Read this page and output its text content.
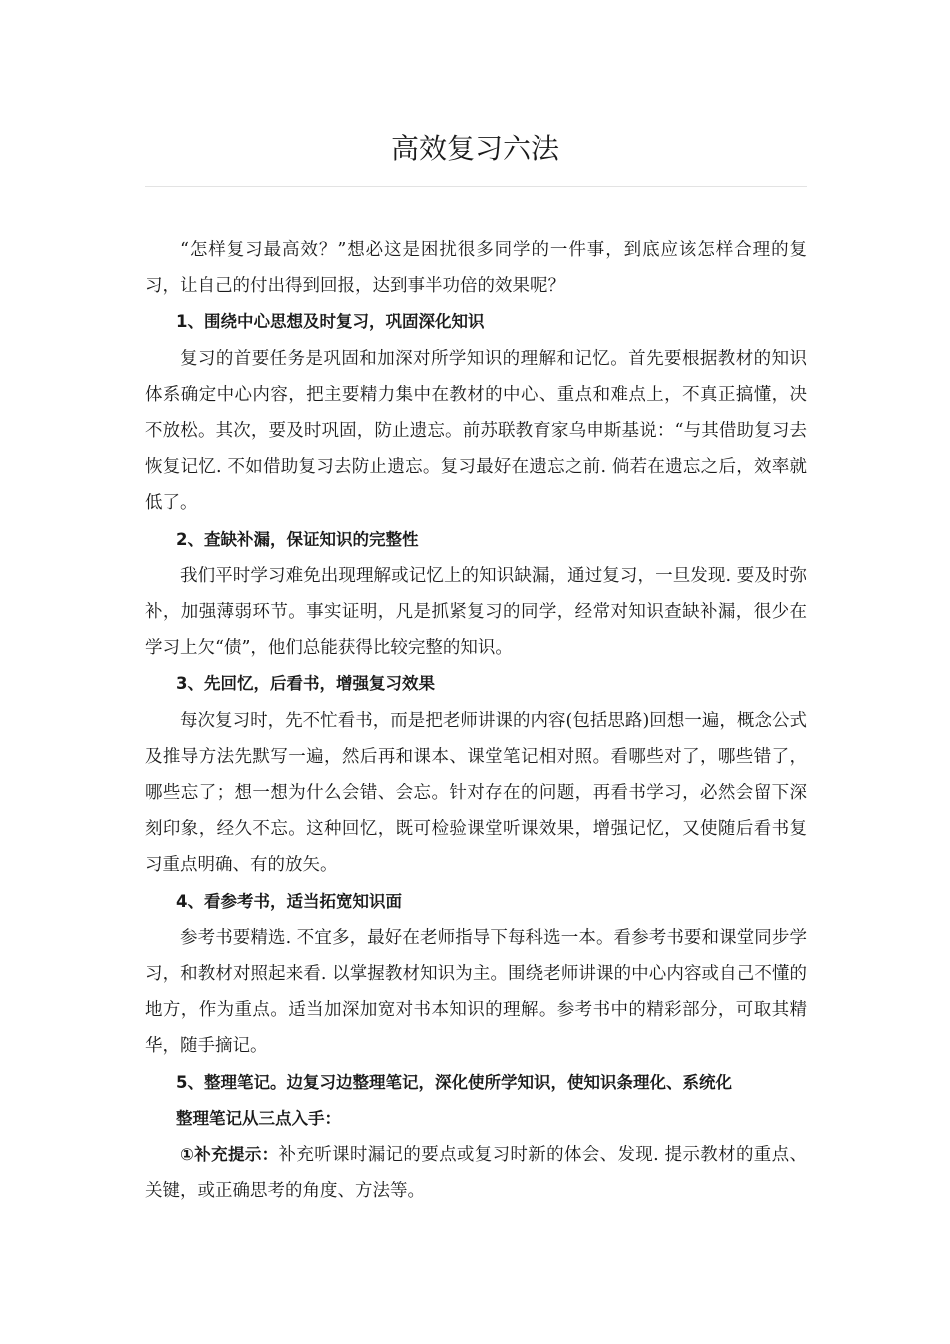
高效复习六法

“怎样复习最高效？”想必这是困扰很多同学的一件事，到底应该怎样合理的复习，让自己的付出得到回报，达到事半功倍的效果呢？

1、围绕中心思想及时复习，巩固深化知识

复习的首要任务是巩固和加深对所学知识的理解和记忆。首先要根据教材的知识体系确定中心内容，把主要精力集中在教材的中心、重点和难点上，不真正搞懂，决不放松。其次，要及时巩固，防止遗忘。前苏联教育家乌申斯基说：“与其借助复习去恢复记忆. 不如借助复习去防止遗忘。复习最好在遗忘之前. 倘若在遗忘之后，效率就低了。

2、查缺补漏，保证知识的完整性

我们平时学习难免出现理解或记忆上的知识缺漏，通过复习，一旦发现. 要及时弥补，加强薄弱环节。事实证明，凡是抓紧复习的同学，经常对知识查缺补漏，很少在学习上欠“债”，他们总能获得比较完整的知识。

3、先回忆，后看书，增强复习效果

每次复习时，先不忙看书，而是把老师讲课的内容(包括思路)回想一遍，概念公式及推导方法先默写一遍，然后再和课本、课堂笔记相对照。看哪些对了，哪些错了，哪些忘了；想一想为什么会错、会忘。针对存在的问题，再看书学习，必然会留下深刻印象，经久不忘。这种回忆，既可检验课堂听课效果，增强记忆，又使随后看书复习重点明确、有的放矢。

4、看参考书，适当拓宽知识面

参考书要精选. 不宜多，最好在老师指导下每科选一本。看参考书要和课堂同步学习，和教材对照起来看. 以掌握教材知识为主。围绕老师讲课的中心内容或自己不懂的地方，作为重点。适当加深加宽对书本知识的理解。参考书中的精彩部分，可取其精华，随手摘记。

5、整理笔记。边复习边整理笔记，深化使所学知识，使知识条理化、系统化

整理笔记从三点入手：

①补充提示：补充听课时漏记的要点或复习时新的体会、发现. 提示教材的重点、关键，或正确思考的角度、方法等。
